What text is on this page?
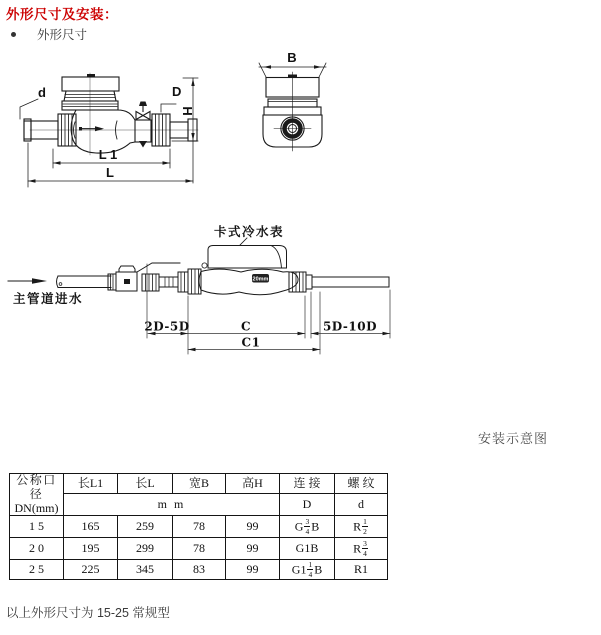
外形尺寸及安装：
外形尺寸
d	D
H
L 1
L
B
卡式冷水表
主管道进水
20mm
2D-5D	C	5D-10D
C1
安装示意图
公称口径
DN(mm)	长L1	长L	宽B	高H	连 接	螺 纹
	m m				D	d
1 5	165	259	78	99	G $\frac{3}{4}$ B	R $\frac{1}{2}$

2 0	195	299	78	99	G1B	R $\frac{3}{4}$

2 5	225	345	83	99	$G1 \frac{1}{4}$ B	R1
以上外形尺寸为 15-25 常规型
